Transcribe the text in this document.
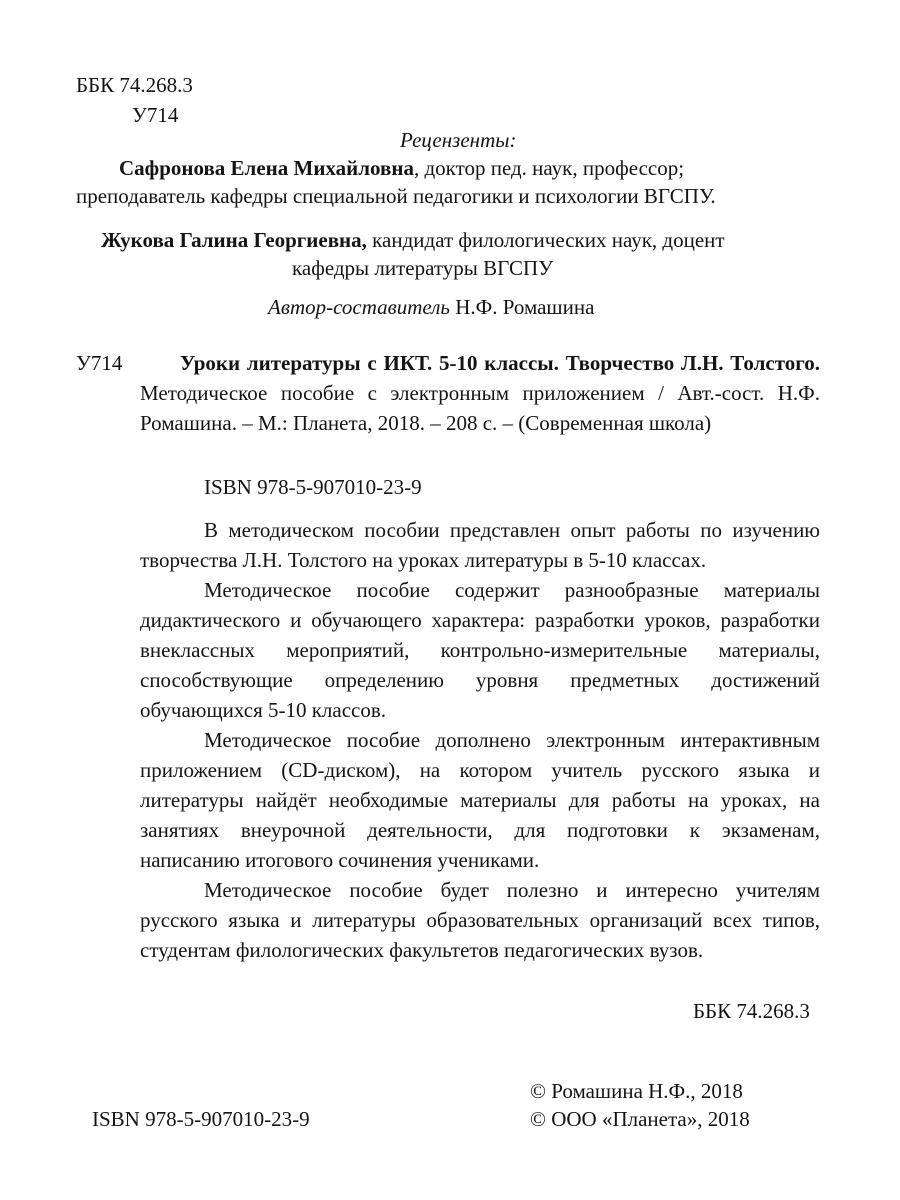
ББК 74.268.3
У714
Рецензенты:
Сафронова Елена Михайловна, доктор пед. наук, профессор;
преподаватель кафедры специальной педагогики и психологии ВГСПУ.
Жукова Галина Георгиевна, кандидат филологических наук, доцент
кафедры литературы ВГСПУ
Автор-составитель Н.Ф. Ромашина
У714	Уроки литературы с ИКТ. 5-10 классы. Творчество Л.Н. Толстого. Методическое пособие с электронным приложением / Авт.-сост. Н.Ф. Ромашина. – М.: Планета, 2018. – 208 с. – (Современная школа)
ISBN 978-5-907010-23-9

В методическом пособии представлен опыт работы по изучению творчества Л.Н. Толстого на уроках литературы в 5-10 классах.

Методическое пособие содержит разнообразные материалы дидактического и обучающего характера: разработки уроков, разработки внеклассных мероприятий, контрольно-измерительные материалы, способствующие определению уровня предметных достижений обучающихся 5-10 классов.

Методическое пособие дополнено электронным интерактивным приложением (CD-диском), на котором учитель русского языка и литературы найдёт необходимые материалы для работы на уроках, на занятиях внеурочной деятельности, для подготовки к экзаменам, написанию итогового сочинения учениками.

Методическое пособие будет полезно и интересно учителям русского языка и литературы образовательных организаций всех типов, студентам филологических факультетов педагогических вузов.

ББК 74.268.3
ISBN 978-5-907010-23-9
© Ромашина Н.Ф., 2018
© ООО «Планета», 2018
